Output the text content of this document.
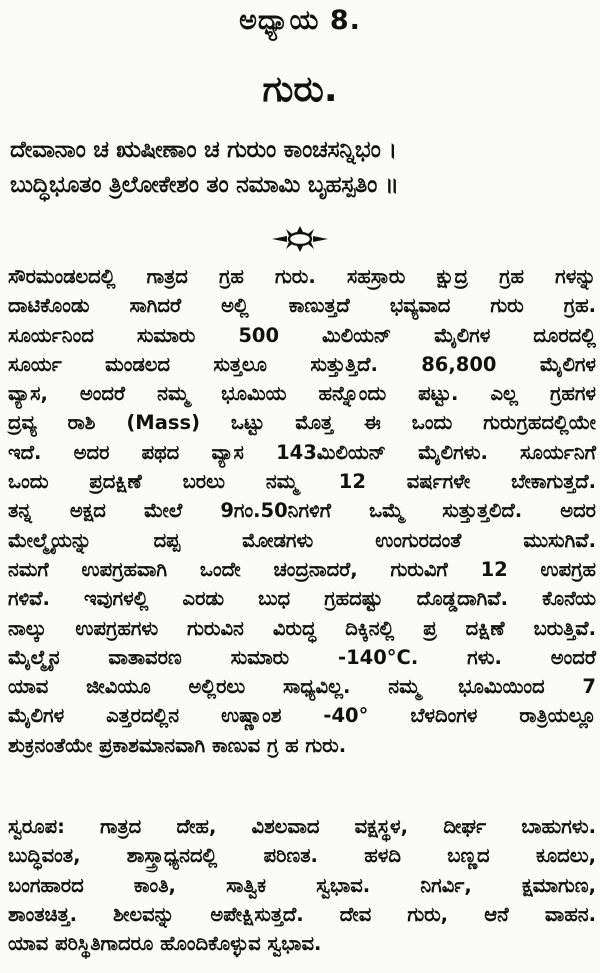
ಅಧ್ಯಾಯ 8.
ಗುರು.
ದೇವಾನಾಂ ಚ ಋಷೀಣಾಂ ಚ ಗುರುಂ ಕಾಂಚಸನ್ನಿಭಂ ।
ಬುದ್ಧಿಭೂತಂ ತ್ರಿಲೋಕೇಶಂ ತಂ ನಮಾಮಿ ಬೃಹಸ್ಪತಿಂ ॥
ಸೌರಮಂಡಲದಲ್ಲಿ ಗಾತ್ರದ ಗ್ರಹ ಗುರು. ಸಹಸ್ರಾರು ಕ್ಷುದ್ರ ಗ್ರಹ ಗಳನ್ನು
ದಾಟಿಕೊಂಡು ಸಾಗಿದರೆ ಅಲ್ಲಿ ಕಾಣುತ್ತದೆ ಭವ್ಯವಾದ ಗುರು ಗ್ರಹ.
ಸೂರ್ಯನಿಂದ ಸುಮಾರು 500 ಮಿಲಿಯನ್ ಮೈಲಿಗಳ ದೂರದಲ್ಲಿ
ಸೂರ್ಯ ಮಂಡಲದ ಸುತ್ತಲೂ ಸುತ್ತುತ್ತಿದೆ. 86,800 ಮೈಲಿಗಳ
ವ್ಯಾಸ, ಅಂದರೆ ನಮ್ಮ ಭೂಮಿಯ ಹನ್ನೊಂದು ಪಟ್ಟು. ಎಲ್ಲ ಗ್ರಹಗಳ
ದ್ರವ್ಯ ರಾಶಿ (Mass) ಒಟ್ಟು ಮೊತ್ತ ಈ ಒಂದು ಗುರುಗ್ರಹದಲ್ಲಿಯೇ
ಇದೆ. ಅದರ ಪಥದ ವ್ಯಾಸ 143ಮಿಲಿಯನ್ ಮೈಲಿಗಳು. ಸೂರ್ಯನಿಗೆ
ಒಂದು ಪ್ರದಕ್ಷಿಣೆ ಬರಲು ನಮ್ಮ 12 ವರ್ಷಗಳೇ ಬೇಕಾಗುತ್ತದೆ.
ತನ್ನ ಅಕ್ಷದ ಮೇಲೆ 9ಗಂ.50ನಿಗಳಿಗೆ ಒಮ್ಮೆ ಸುತ್ತುತ್ತಲಿದೆ. ಅದರ
ಮೇಲ್ಮೈಯನ್ನು ದಪ್ಪ ಮೋಡಗಳು ಉಂಗುರದಂತೆ ಮುಸುಗಿವೆ.
ನಮಗೆ ಉಪಗ್ರಹವಾಗಿ ಒಂದೇ ಚಂದ್ರನಾದರೆ, ಗುರುವಿಗೆ 12 ಉಪಗ್ರಹ
ಗಳಿವೆ. ಇವುಗಳಲ್ಲಿ ಎರಡು ಬುಧ ಗ್ರಹದಷ್ಟು ದೊಡ್ಡದಾಗಿವೆ. ಕೊನೆಯ
ನಾಲ್ಕು ಉಪಗ್ರಹಗಳು ಗುರುವಿನ ವಿರುದ್ಧ ದಿಕ್ಕಿನಲ್ಲಿ ಪ್ರ ದಕ್ಷಿಣೆ ಬರುತ್ತಿವೆ.
ಮೈಲ್ಮೈನ ವಾತಾವರಣ ಸುಮಾರು -140°C. ಗಳು. ಅಂದರೆ
ಯಾವ ಜೀವಿಯೂ ಅಲ್ಲಿರಲು ಸಾಧ್ಯವಿಲ್ಲ. ನಮ್ಮ ಭೂಮಿಯಿಂದ 7
ಮೈಲಿಗಳ ಎತ್ತರದಲ್ಲಿನ ಉಷ್ಣಾಂಶ -40° ಬೆಳದಿಂಗಳ ರಾತ್ರಿಯಲ್ಲೂ
ಶುಕ್ರನಂತೆಯೇ ಪ್ರಕಾಶಮಾನವಾಗಿ ಕಾಣುವ ಗ್ರ ಹ ಗುರು.
ಸ್ವರೂಪ: ಗಾತ್ರದ ದೇಹ, ವಿಶಲವಾದ ವಕ್ಷಸ್ಥಳ, ದೀರ್ಘ ಬಾಹುಗಳು.
ಬುದ್ಧಿವಂತ, ಶಾಸ್ತ್ರಾಧ್ಯನದಲ್ಲಿ ಪರಿಣತ. ಹಳದಿ ಬಣ್ಣದ ಕೂದಲು,
ಬಂಗಹಾರದ ಕಾಂತಿ, ಸಾತ್ವಿಕ ಸ್ವಭಾವ. ನಿಗರ್ವಿ, ಕ್ಷಮಾಗುಣ,
ಶಾಂತಚಿತ್ತ. ಶೀಲವನ್ನು ಅಪೇಕ್ಷಿಸುತ್ತದೆ. ದೇವ ಗುರು, ಆನೆ ವಾಹನ.
ಯಾವ ಪರಿಸ್ಥಿತಿಗಾದರೂ ಹೊಂದಿಕೊಳ್ಳುವ ಸ್ವಭಾವ.
